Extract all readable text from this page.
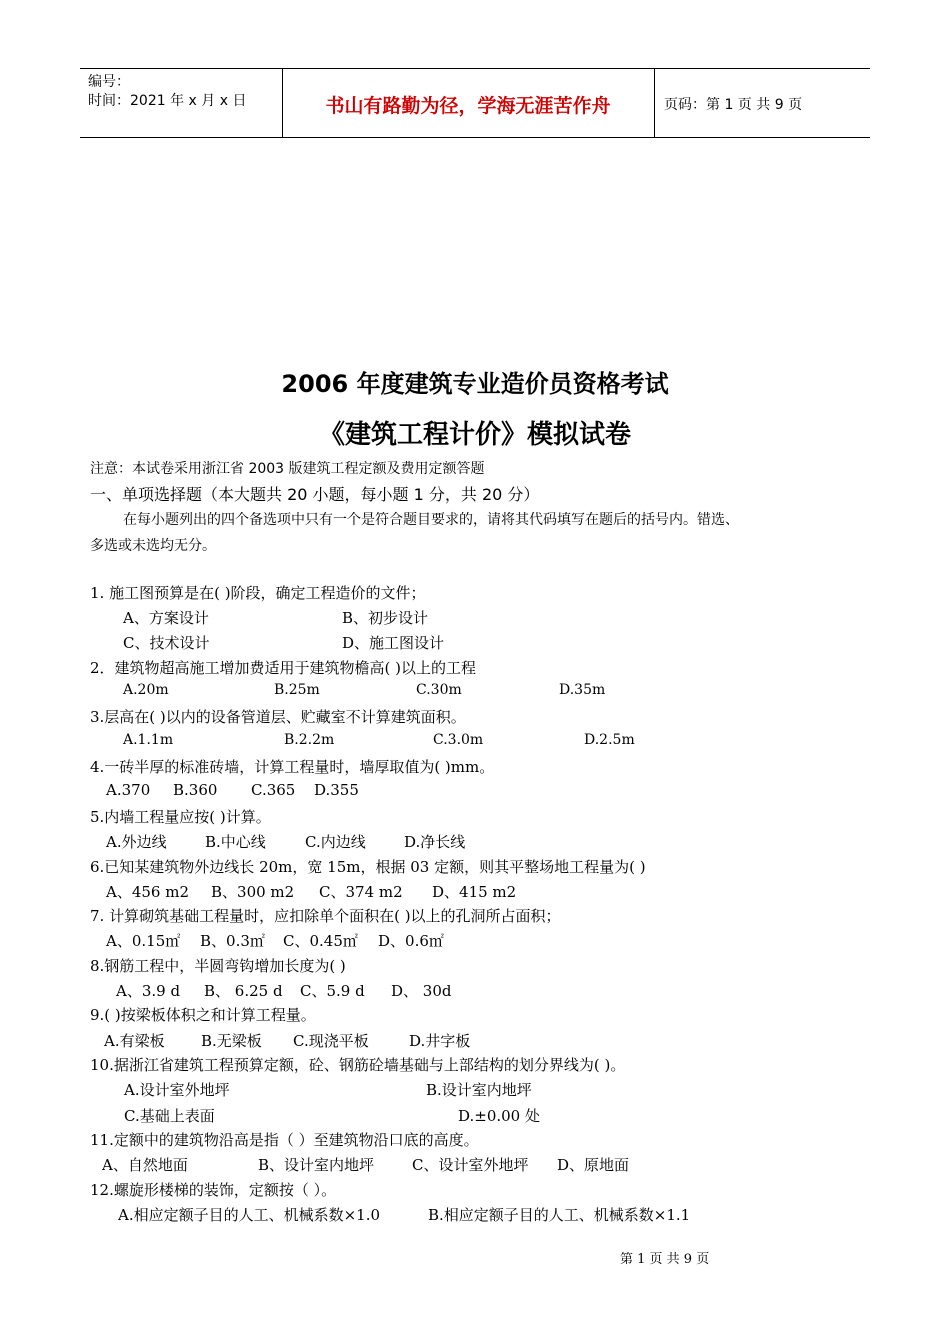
编号：
时间：2021 年 x 月 x 日	书山有路勤为径，学海无涯苦作舟	页码：第 1 页 共 9 页
2006 年度建筑专业造价员资格考试
《建筑工程计价》模拟试卷
注意：本试卷采用浙江省 2003 版建筑工程定额及费用定额答题
一、单项选择题（本大题共 20 小题，每小题 1 分，共 20 分）
在每小题列出的四个备选项中只有一个是符合题目要求的，请将其代码填写在题后的括号内。错选、
多选或未选均无分。
1. 施工图预算是在( )阶段，确定工程造价的文件；
A、方案设计	B、初步设计
C、技术设计	D、施工图设计
2．建筑物超高施工增加费适用于建筑物檐高( )以上的工程
A.20m	B.25m	C.30m	D.35m
3.层高在( )以内的设备管道层、贮藏室不计算建筑面积。
A.1.1m	B.2.2m	C.3.0m	D.2.5m
4.一砖半厚的标准砖墙，计算工程量时，墙厚取值为( )mm。
A.370 B.360 C.365 D.355
5.内墙工程量应按( )计算。
A.外边线	B.中心线	C.内边线	D.净长线
6.已知某建筑物外边线长 20m，宽 15m，根据 03 定额，则其平整场地工程量为( )
A、456 m2 B、300 m2 C、374 m2 D、415 m2
7. 计算砌筑基础工程量时，应扣除单个面积在( )以上的孔洞所占面积；
A、0.15㎡ B、0.3㎡ C、0.45㎡ D、0.6㎡
8.钢筋工程中，半圆弯钩增加长度为( )
A、3.9 d B、 6.25 d C、5.9 d D、 30d
9.( )按梁板体积之和计算工程量。
A.有梁板 B.无梁板 C.现浇平板	D.井字板
10.据浙江省建筑工程预算定额，砼、钢筋砼墙基础与上部结构的划分界线为( )。
A.设计室外地坪	B.设计室内地坪
C.基础上表面	D.±0.00 处
11.定额中的建筑物沿高是指（ ）至建筑物沿口底的高度。
A、自然地面	B、设计室内地坪	C、设计室外地坪 D、原地面
12.螺旋形楼梯的装饰，定额按（ ）。
A.相应定额子目的人工、机械系数×1.0	B.相应定额子目的人工、机械系数×1.1
第 1 页 共 9 页
